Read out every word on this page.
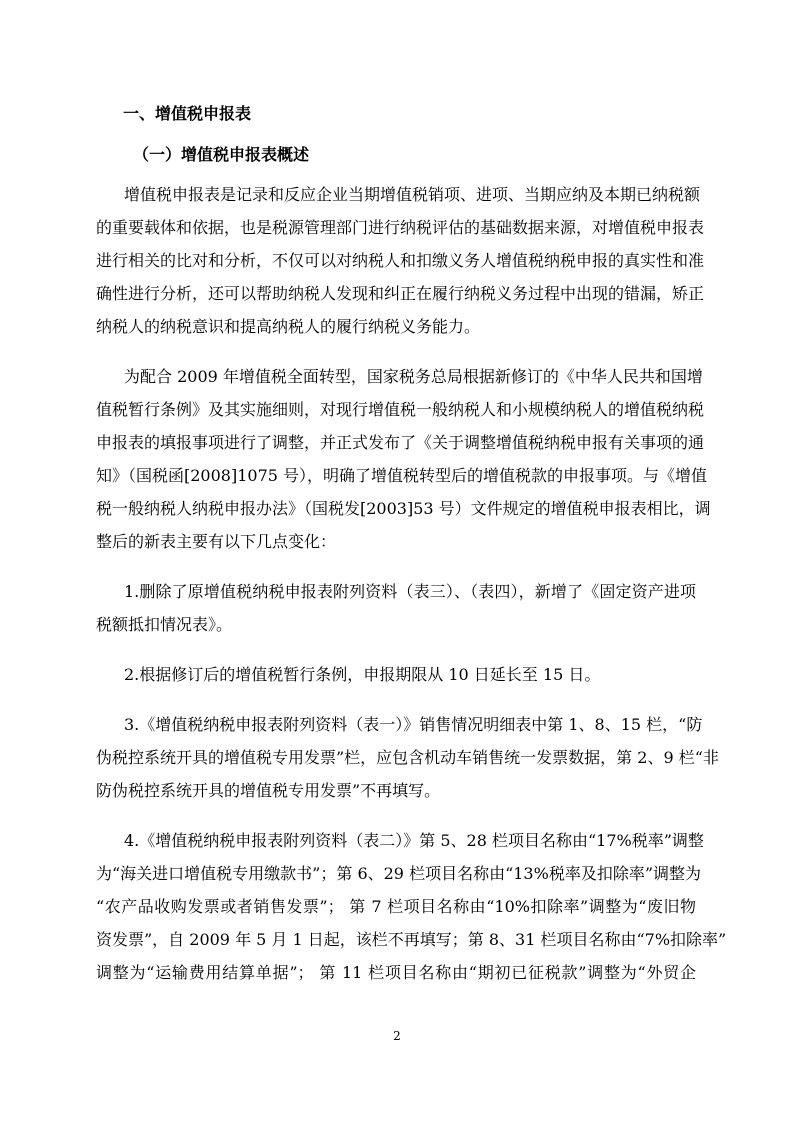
一、增值税申报表
（一）增值税申报表概述
增值税申报表是记录和反应企业当期增值税销项、进项、当期应纳及本期已纳税额
的重要载体和依据，也是税源管理部门进行纳税评估的基础数据来源，对增值税申报表
进行相关的比对和分析，不仅可以对纳税人和扣缴义务人增值税纳税申报的真实性和准
确性进行分析，还可以帮助纳税人发现和纠正在履行纳税义务过程中出现的错漏，矫正
纳税人的纳税意识和提高纳税人的履行纳税义务能力。
为配合 2009 年增值税全面转型，国家税务总局根据新修订的《中华人民共和国增
值税暂行条例》及其实施细则，对现行增值税一般纳税人和小规模纳税人的增值税纳税
申报表的填报事项进行了调整，并正式发布了《关于调整增值税纳税申报有关事项的通
知》（国税函[2008]1075 号），明确了增值税转型后的增值税款的申报事项。与《增值
税一般纳税人纳税申报办法》（国税发[2003]53 号）文件规定的增值税申报表相比，调
整后的新表主要有以下几点变化：
1.删除了原增值税纳税申报表附列资料（表三）、（表四），新增了《固定资产进项
税额抵扣情况表》。
2.根据修订后的增值税暂行条例，申报期限从 10 日延长至 15 日。
3.《增值税纳税申报表附列资料（表一）》销售情况明细表中第 1、8、15 栏，“防
伪税控系统开具的增值税专用发票”栏，应包含机动车销售统一发票数据，第 2、9 栏“非
防伪税控系统开具的增值税专用发票”不再填写。
4.《增值税纳税申报表附列资料（表二）》第 5、28 栏项目名称由“17%税率”调整
为“海关进口增值税专用缴款书”；第 6、29 栏项目名称由“13%税率及扣除率”调整为
“农产品收购发票或者销售发票”； 第 7 栏项目名称由“10%扣除率”调整为“废旧物
资发票”，自 2009 年 5 月 1 日起，该栏不再填写；第 8、31 栏项目名称由“7%扣除率”
调整为“运输费用结算单据”； 第 11 栏项目名称由“期初已征税款”调整为“外贸企
2
